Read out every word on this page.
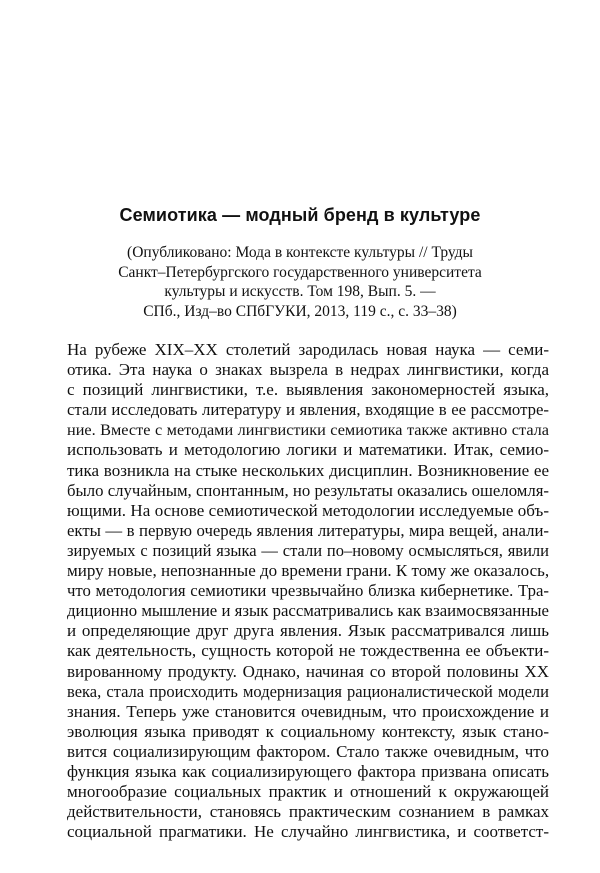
Семиотика — модный бренд в культуре
(Опубликовано: Мода в контексте культуры // Труды
Санкт–Петербургского государственного университета
культуры и искусств. Том 198, Вып. 5. —
СПб., Изд–во СПбГУКИ, 2013, 119 с., с. 33–38)
На рубеже XIX–XX столетий зародилась новая наука — семи-
отика. Эта наука о знаках вызрела в недрах лингвистики, когда
с позиций лингвистики, т.е. выявления закономерностей языка,
стали исследовать литературу и явления, входящие в ее рассмотре-
ние. Вместе с методами лингвистики семиотика также активно стала
использовать и методологию логики и математики. Итак, семио-
тика возникла на стыке нескольких дисциплин. Возникновение ее
было случайным, спонтанным, но результаты оказались ошеломля-
ющими. На основе семиотической методологии исследуемые объ-
екты — в первую очередь явления литературы, мира вещей, анали-
зируемых с позиций языка — стали по–новому осмысляться, явили
миру новые, непознанные до времени грани. К тому же оказалось,
что методология семиотики чрезвычайно близка кибернетике. Тра-
диционно мышление и язык рассматривались как взаимосвязанные
и определяющие друг друга явления. Язык рассматривался лишь
как деятельность, сущность которой не тождественна ее объекти-
вированному продукту. Однако, начиная со второй половины XX
века, стала происходить модернизация рационалистической модели
знания. Теперь уже становится очевидным, что происхождение и
эволюция языка приводят к социальному контексту, язык стано-
вится социализирующим фактором. Стало также очевидным, что
функция языка как социализирующего фактора призвана описать
многообразие социальных практик и отношений к окружающей
действительности, становясь практическим сознанием в рамках
социальной прагматики. Не случайно лингвистика, и соответст-
